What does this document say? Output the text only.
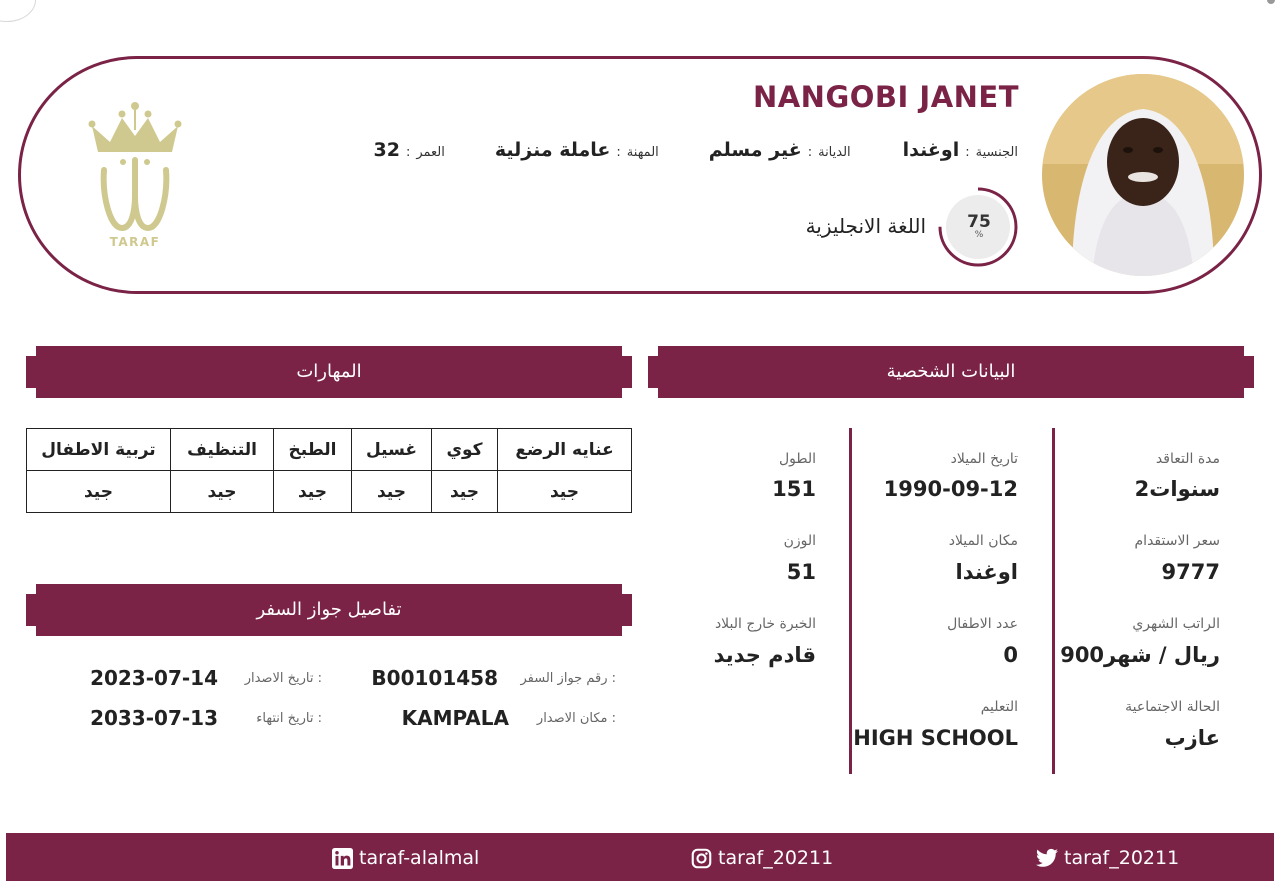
NANGOBI JANET
الجنسية
:
اوغندا
الديانة
:
غير مسلم
المهنة
:
عاملة منزلية
العمر
:
32
75
%
اللغة الانجليزية
TARAF
المهارات
عنايه الرضع	كوي	غسيل	الطبخ	التنظيف	تربية الاطفال
جيد	جيد	جيد	جيد	جيد	جيد
تفاصيل جواز السفر
رقم جواز السفر :
B00101458
تاريخ الاصدار :
2023-07-14
مكان الاصدار :
KAMPALA
تاريخ انتهاء :
2033-07-13
البيانات الشخصية
مدة التعاقد
2سنوات
سعر الاستقدام
9777
الراتب الشهري
900ريال / شهر
الحالة الاجتماعية
عازب
تاريخ الميلاد
1990-09-12
مكان الميلاد
اوغندا
عدد الاطفال
0
التعليم
HIGH SCHOOL
الطول
151
الوزن
51
الخبرة خارج البلاد
قادم جديد
taraf_20211
taraf_20211
taraf-alalmal
